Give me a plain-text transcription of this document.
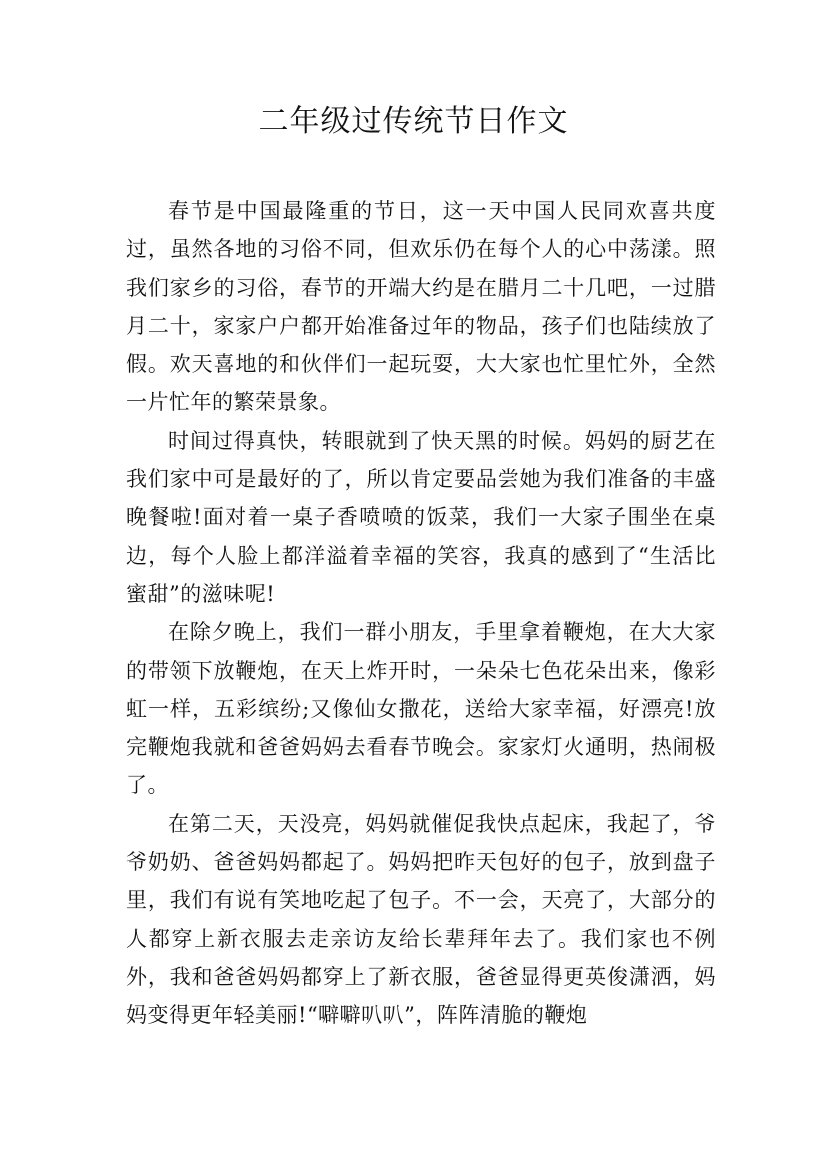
二年级过传统节日作文

春节是中国最隆重的节日，这一天中国人民同欢喜共度过，虽然各地的习俗不同，但欢乐仍在每个人的心中荡漾。照我们家乡的习俗，春节的开端大约是在腊月二十几吧，一过腊月二十，家家户户都开始准备过年的物品，孩子们也陆续放了假。欢天喜地的和伙伴们一起玩耍，大大家也忙里忙外，全然一片忙年的繁荣景象。

时间过得真快，转眼就到了快天黑的时候。妈妈的厨艺在我们家中可是最好的了，所以肯定要品尝她为我们准备的丰盛晚餐啦!面对着一桌子香喷喷的饭菜，我们一大家子围坐在桌边，每个人脸上都洋溢着幸福的笑容，我真的感到了“生活比蜜甜”的滋味呢!

在除夕晚上，我们一群小朋友，手里拿着鞭炮，在大大家的带领下放鞭炮，在天上炸开时，一朵朵七色花朵出来，像彩虹一样，五彩缤纷;又像仙女撒花，送给大家幸福，好漂亮!放完鞭炮我就和爸爸妈妈去看春节晚会。家家灯火通明，热闹极了。

在第二天，天没亮，妈妈就催促我快点起床，我起了，爷爷奶奶、爸爸妈妈都起了。妈妈把昨天包好的包子，放到盘子里，我们有说有笑地吃起了包子。不一会，天亮了，大部分的人都穿上新衣服去走亲访友给长辈拜年去了。我们家也不例外，我和爸爸妈妈都穿上了新衣服，爸爸显得更英俊潇洒，妈妈变得更年轻美丽!“噼噼叭叭”，阵阵清脆的鞭炮
